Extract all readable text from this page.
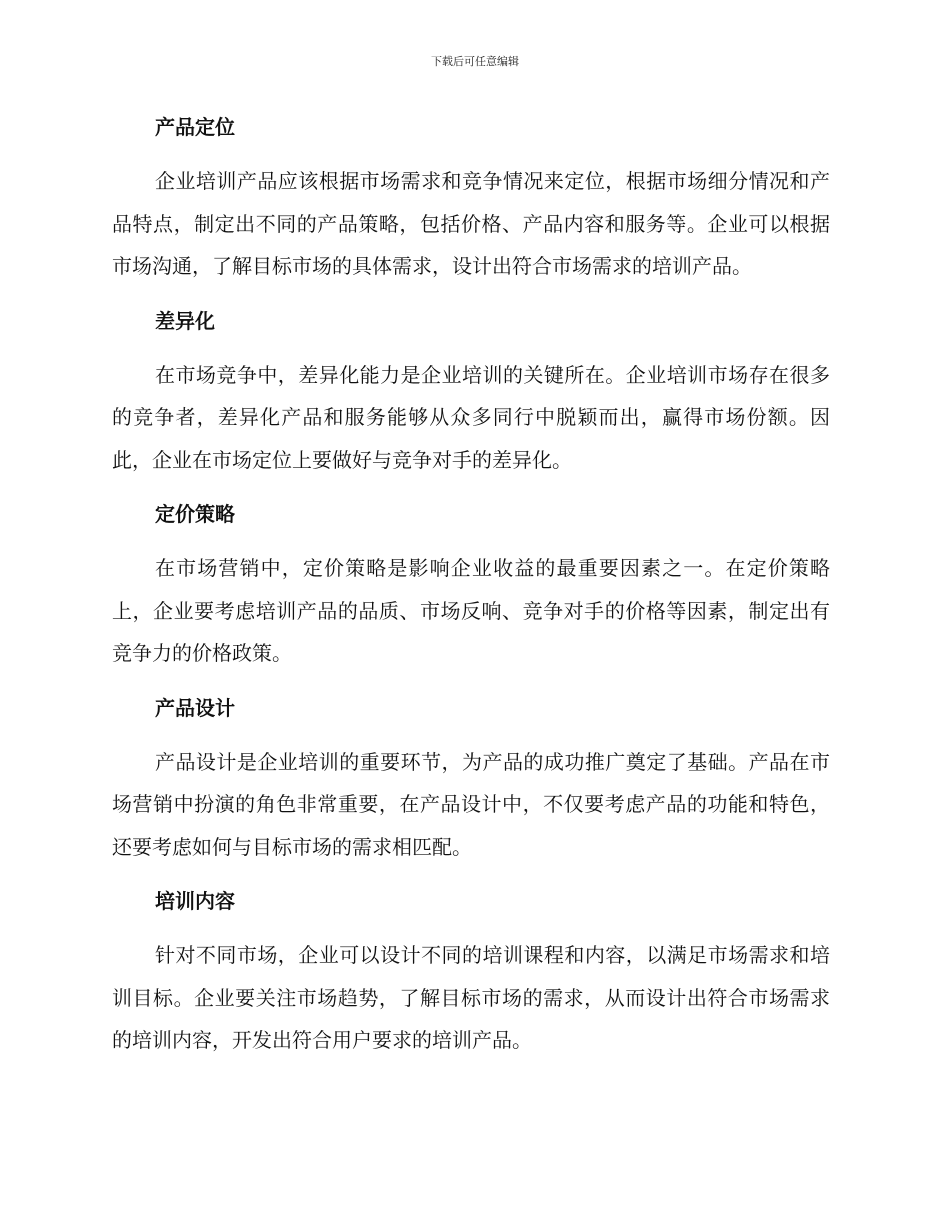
下载后可任意编辑
产品定位

企业培训产品应该根据市场需求和竞争情况来定位，根据市场细分情况和产品特点，制定出不同的产品策略，包括价格、产品内容和服务等。企业可以根据市场沟通，了解目标市场的具体需求，设计出符合市场需求的培训产品。

差异化

在市场竞争中，差异化能力是企业培训的关键所在。企业培训市场存在很多的竞争者，差异化产品和服务能够从众多同行中脱颖而出，赢得市场份额。因此，企业在市场定位上要做好与竞争对手的差异化。

定价策略

在市场营销中，定价策略是影响企业收益的最重要因素之一。在定价策略上，企业要考虑培训产品的品质、市场反响、竞争对手的价格等因素，制定出有竞争力的价格政策。

产品设计

产品设计是企业培训的重要环节，为产品的成功推广奠定了基础。产品在市场营销中扮演的角色非常重要，在产品设计中，不仅要考虑产品的功能和特色，还要考虑如何与目标市场的需求相匹配。

培训内容

针对不同市场，企业可以设计不同的培训课程和内容，以满足市场需求和培训目标。企业要关注市场趋势，了解目标市场的需求，从而设计出符合市场需求的培训内容，开发出符合用户要求的培训产品。
